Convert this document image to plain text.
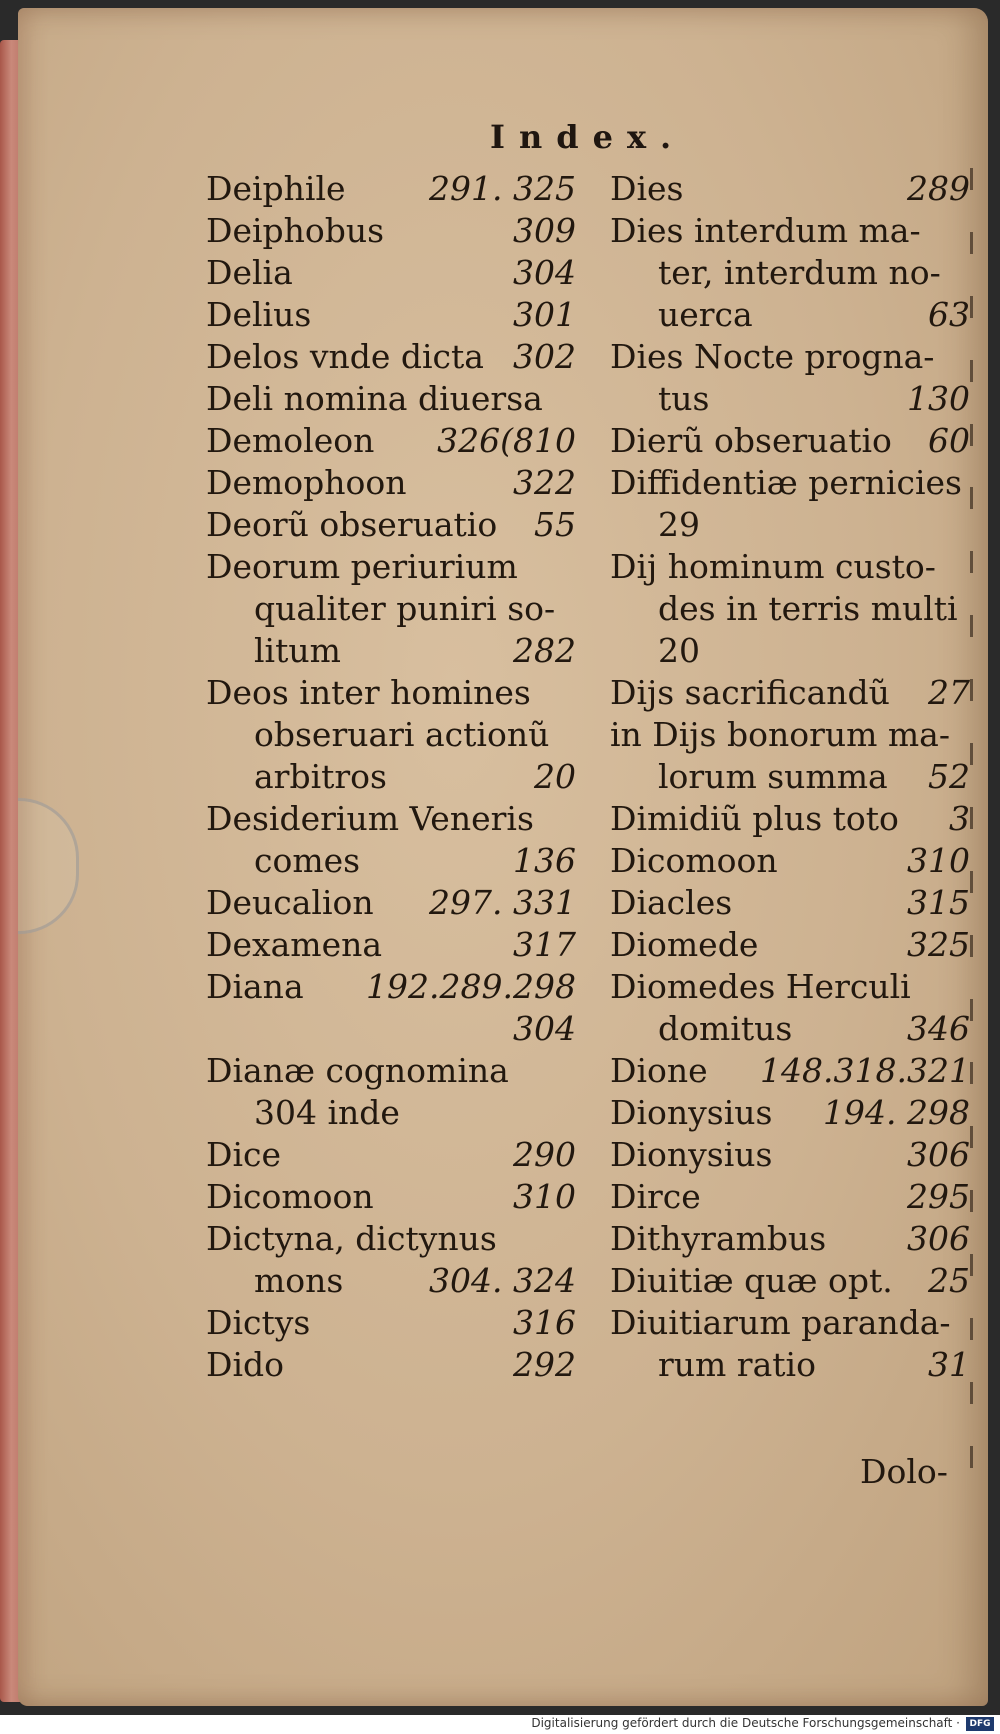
Index.
Deiphile	291. 325
Deiphobus	309
Delia	304
Delius	301
Delos vnde dicta 302
Deli nomina diuersa
Demoleon 326(810
Demophoon	322
Deorũ obseruatio 55
Deorum periurium
qualiter puniri so-
litum	282
Deos inter homines
obseruari actionũ
arbitros	20
Desiderium Veneris
comes	136
Deucalion 297. 331
Dexamena	317
Diana 192.289.298
304
Dianæ cognomina
304 inde
Dice	290
Dicomoon	310
Dictyna, dictynus
mons	304. 324
Dictys	316
Dido	292
Dies	289
Dies interdum ma-
ter, interdum no-
uerca	63
Dies Nocte progna-
tus	130
Dierũ obseruatio 60
Diffidentiæ pernicies
29
Dij hominum custo-
des in terris multi
20
Dijs sacrificandũ 27
in Dijs bonorum ma-
lorum summa 52
Dimidiũ plus toto 3
Dicomoon	310
Diacles	315
Diomede	325
Diomedes Herculi
domitus	346
Dione 148.318.321
Dionysius 194. 298
Dionysius	306
Dirce	295
Dithyrambus 306
Diuitiæ quæ opt. 25
Diuitiarum paranda-
rum ratio	31
Dolo-
Digitalisierung gefördert durch die Deutsche Forschungsgemeinschaft ·	DFG
